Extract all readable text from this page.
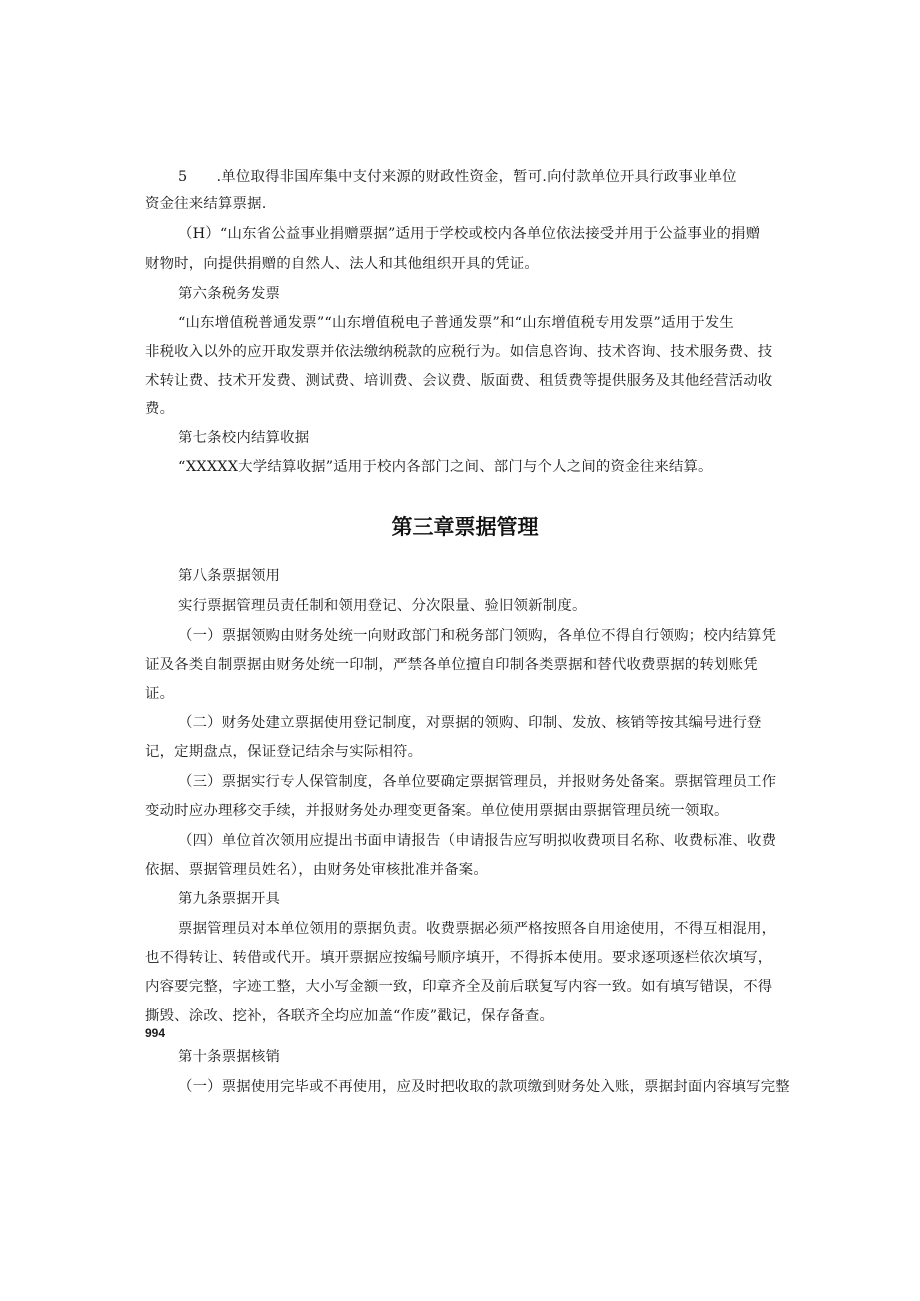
5　　.单位取得非国库集中支付来源的财政性资金，暂可.向付款单位开具行政事业单位
资金往来结算票据.
（H）“山东省公益事业捐赠票据”适用于学校或校内各单位依法接受并用于公益事业的捐赠
财物时，向提供捐赠的自然人、法人和其他组织开具的凭证。
第六条税务发票
“山东增值税普通发票”“山东增值税电子普通发票”和“山东增值税专用发票”适用于发生
非税收入以外的应开取发票并依法缴纳税款的应税行为。如信息咨询、技术咨询、技术服务费、技
术转让费、技术开发费、测试费、培训费、会议费、版面费、租赁费等提供服务及其他经营活动收
费。
第七条校内结算收据
“XXXXX大学结算收据”适用于校内各部门之间、部门与个人之间的资金往来结算。
第三章票据管理
第八条票据领用
实行票据管理员责任制和领用登记、分次限量、验旧领新制度。
（一）票据领购由财务处统一向财政部门和税务部门领购，各单位不得自行领购；校内结算凭
证及各类自制票据由财务处统一印制，严禁各单位擅自印制各类票据和替代收费票据的转划账凭
证。
（二）财务处建立票据使用登记制度，对票据的领购、印制、发放、核销等按其编号进行登
记，定期盘点，保证登记结余与实际相符。
（三）票据实行专人保管制度，各单位要确定票据管理员，并报财务处备案。票据管理员工作
变动时应办理移交手续，并报财务处办理变更备案。单位使用票据由票据管理员统一领取。
（四）单位首次领用应提出书面申请报告（申请报告应写明拟收费项目名称、收费标准、收费
依据、票据管理员姓名），由财务处审核批准并备案。
第九条票据开具
票据管理员对本单位领用的票据负责。收费票据必须严格按照各自用途使用，不得互相混用，
也不得转让、转借或代开。填开票据应按编号顺序填开，不得拆本使用。要求逐项逐栏依次填写，
内容要完整，字迹工整，大小写金额一致，印章齐全及前后联复写内容一致。如有填写错误，不得
撕毁、涂改、挖补，各联齐全均应加盖“作废”戳记，保存备查。
994
第十条票据核销
（一）票据使用完毕或不再使用，应及时把收取的款项缴到财务处入账，票据封面内容填写完整
